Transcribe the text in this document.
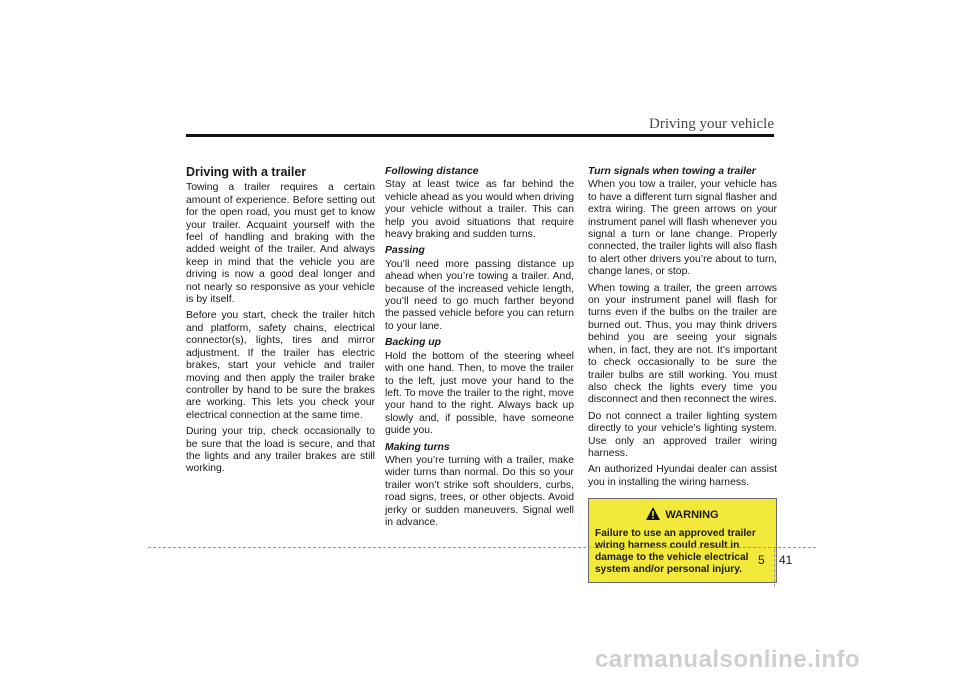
Driving your vehicle
Driving with a trailer

Towing a trailer requires a certain amount of experience. Before setting out for the open road, you must get to know your trailer. Acquaint yourself with the feel of handling and braking with the added weight of the trailer. And always keep in mind that the vehicle you are driving is now a good deal longer and not nearly so responsive as your vehicle is by itself.

Before you start, check the trailer hitch and platform, safety chains, electrical connector(s), lights, tires and mirror adjustment. If the trailer has electric brakes, start your vehicle and trailer moving and then apply the trailer brake controller by hand to be sure the brakes are working. This lets you check your electrical connection at the same time.

During your trip, check occasionally to be sure that the load is secure, and that the lights and any trailer brakes are still working.

Following distance

Stay at least twice as far behind the vehicle ahead as you would when driving your vehicle without a trailer. This can help you avoid situations that require heavy braking and sudden turns.

Passing

You’ll need more passing distance up ahead when you’re towing a trailer. And, because of the increased vehicle length, you’ll need to go much farther beyond the passed vehicle before you can return to your lane.

Backing up

Hold the bottom of the steering wheel with one hand. Then, to move the trailer to the left, just move your hand to the left. To move the trailer to the right, move your hand to the right. Always back up slowly and, if possible, have someone guide you.

Making turns

When you’re turning with a trailer, make wider turns than normal. Do this so your trailer won’t strike soft shoulders, curbs, road signs, trees, or other objects. Avoid jerky or sudden maneuvers. Signal well in advance.

Turn signals when towing a trailer

When you tow a trailer, your vehicle has to have a different turn signal flasher and extra wiring. The green arrows on your instrument panel will flash whenever you signal a turn or lane change. Properly connected, the trailer lights will also flash to alert other drivers you’re about to turn, change lanes, or stop.

When towing a trailer, the green arrows on your instrument panel will flash for turns even if the bulbs on the trailer are burned out. Thus, you may think drivers behind you are seeing your signals when, in fact, they are not. It’s important to check occasionally to be sure the trailer bulbs are still working. You must also check the lights every time you disconnect and then reconnect the wires.

Do not connect a trailer lighting system directly to your vehicle’s lighting system. Use only an approved trailer wiring harness.

An authorized Hyundai dealer can assist you in installing the wiring harness.

WARNING
Failure to use an approved trailer wiring harness could result in damage to the vehicle electrical system and/or personal injury.
5 41
carmanualsonline.info
